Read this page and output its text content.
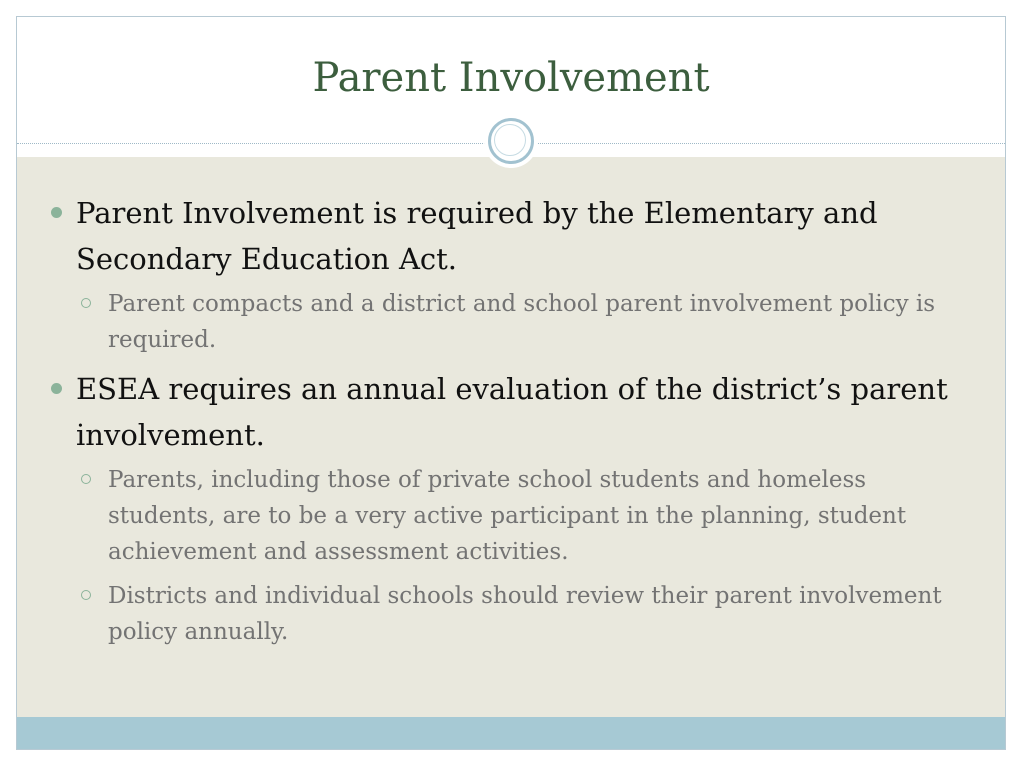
Parent Involvement
Parent Involvement is required by the Elementary and Secondary Education Act.
Parent compacts and a district and school parent involvement policy is required.
ESEA requires an annual evaluation of the district’s parent involvement.
Parents, including those of private school students and homeless students, are to be a very active participant in the planning, student achievement and assessment activities.
Districts and individual schools should review their parent involvement policy annually.
